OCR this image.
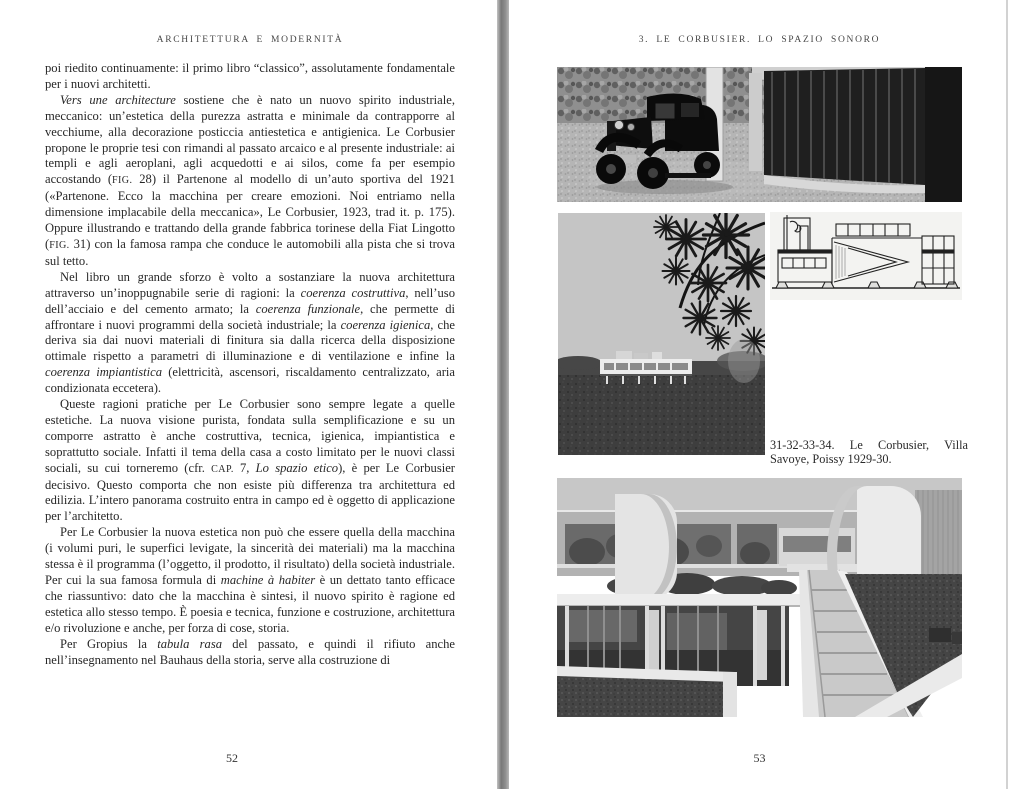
ARCHITETTURA E MODERNITÀ

poi riedito continuamente: il primo libro “classico”, assolutamente fondamentale per i nuovi architetti.

Vers une architecture sostiene che è nato un nuovo spirito industriale, meccanico: un’estetica della purezza astratta e minimale da contrapporre al vecchiume, alla decorazione posticcia antiestetica e antigienica. Le Corbusier propone le proprie tesi con rimandi al passato arcaico e al presente industriale: ai templi e agli aeroplani, agli acquedotti e ai silos, come fa per esempio accostando (FIG. 28) il Partenone al modello di un’auto sportiva del 1921 («Partenone. Ecco la macchina per creare emozioni. Noi entriamo nella dimensione implacabile della meccanica», Le Corbusier, 1923, trad it. p. 175). Oppure illustrando e trattando della grande fabbrica torinese della Fiat Lingotto (FIG. 31) con la famosa rampa che conduce le automobili alla pista che si trova sul tetto.

Nel libro un grande sforzo è volto a sostanziare la nuova architettura attraverso un’inoppugnabile serie di ragioni: la coerenza costruttiva, nell’uso dell’acciaio e del cemento armato; la coerenza funzionale, che permette di affrontare i nuovi programmi della società industriale; la coerenza igienica, che deriva sia dai nuovi materiali di finitura sia dalla ricerca della disposizione ottimale rispetto a parametri di illuminazione e di ventilazione e infine la coerenza impiantistica (elettricità, ascensori, riscaldamento centralizzato, aria condizionata eccetera).

Queste ragioni pratiche per Le Corbusier sono sempre legate a quelle estetiche. La nuova visione purista, fondata sulla semplificazione e su un comporre astratto è anche costruttiva, tecnica, igienica, impiantistica e soprattutto sociale. Infatti il tema della casa a costo limitato per le nuovi classi sociali, su cui torneremo (cfr. CAP. 7, Lo spazio etico), è per Le Corbusier decisivo. Questo comporta che non esiste più differenza tra architettura ed edilizia. L’intero panorama costruito entra in campo ed è oggetto di applicazione per l’architetto.

Per Le Corbusier la nuova estetica non può che essere quella della macchina (i volumi puri, le superfici levigate, la sincerità dei materiali) ma la macchina stessa è il programma (l’oggetto, il prodotto, il risultato) della società industriale. Per cui la sua famosa formula di machine à habiter è un dettato tanto efficace che riassuntivo: dato che la macchina è sintesi, il nuovo spirito è ragione ed estetica allo stesso tempo. È poesia e tecnica, funzione e costruzione, architettura e/o rivoluzione e anche, per forza di cose, storia.

Per Gropius la tabula rasa del passato, e quindi il rifiuto anche nell’insegnamento nel Bauhaus della storia, serve alla costruzione di

52
3. LE CORBUSIER. LO SPAZIO SONORO
31-32-33-34. Le Corbusier, Villa Savoye, Poissy 1929-30.
53
